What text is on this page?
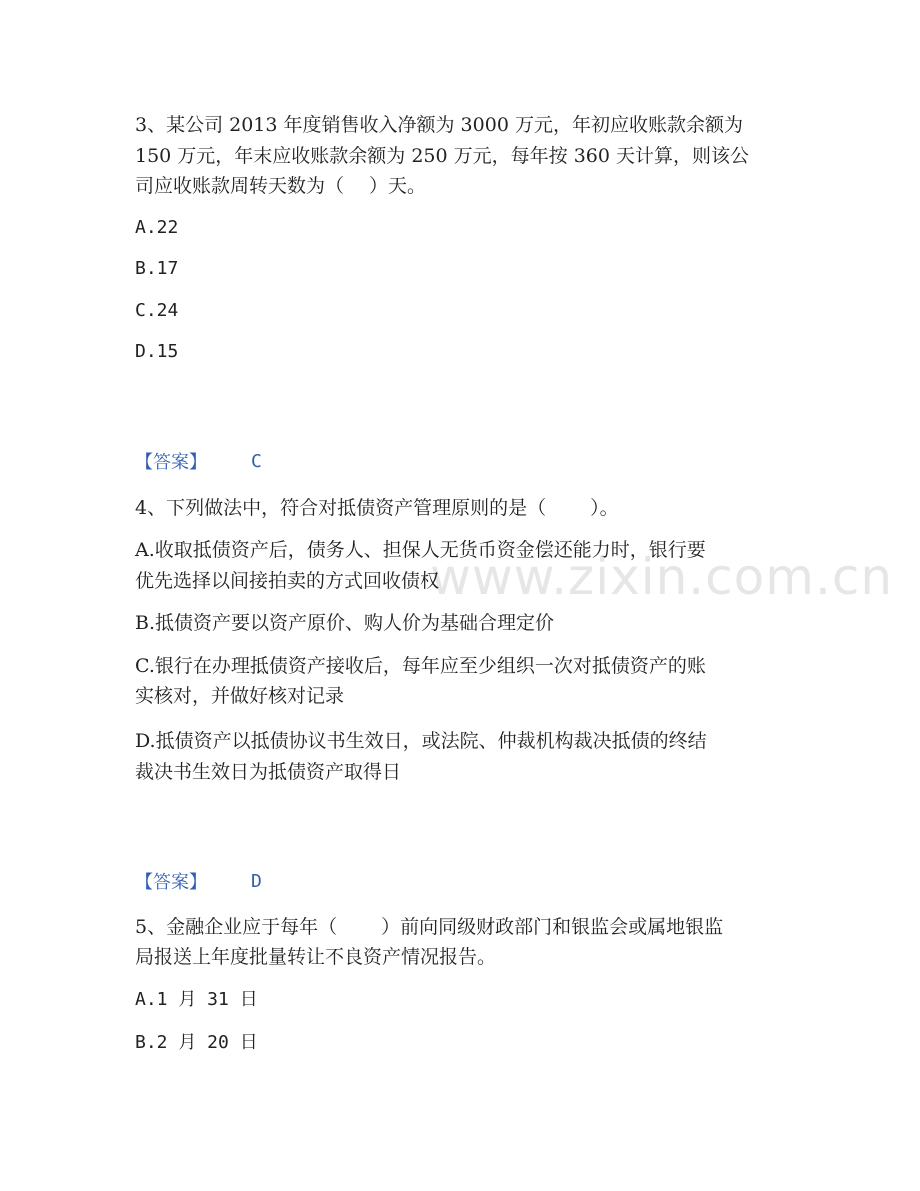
www.zixin.com.cn
3、某公司 2013 年度销售收入净额为 3000 万元，年初应收账款余额为
150 万元，年末应收账款余额为 250 万元，每年按 360 天计算，则该公
司应收账款周转天数为（　 ）天。
A.22
B.17
C.24
D.15
【答案】 C
4、下列做法中，符合对抵债资产管理原则的是（　　 ）。
A.收取抵债资产后，债务人、担保人无货币资金偿还能力时，银行要
优先选择以间接拍卖的方式回收债权
B.抵债资产要以资产原价、购人价为基础合理定价
C.银行在办理抵债资产接收后，每年应至少组织一次对抵债资产的账
实核对，并做好核对记录
D.抵债资产以抵债协议书生效日，或法院、仲裁机构裁决抵债的终结
裁决书生效日为抵债资产取得日
【答案】 D
5、金融企业应于每年（　　 ）前向同级财政部门和银监会或属地银监
局报送上年度批量转让不良资产情况报告。
A.1 月 31 日
B.2 月 20 日
